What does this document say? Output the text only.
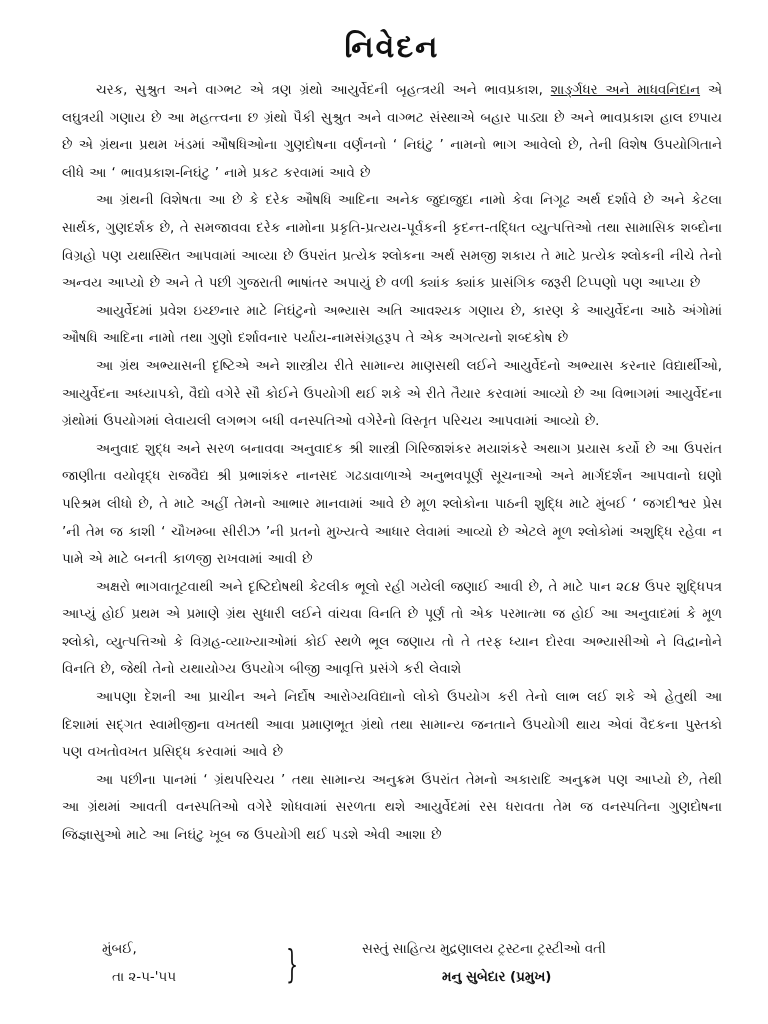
નિવેદન

ચરક, સુશ્રુત અને વાગ્ભટ એ ત્રણ ગ્રંથો આયુર્વેદની બૃહત્ત્રયી અને ભાવપ્રકાશ, શાર્ઙ્ગધર અને માધવનિદાન એ લઘુત્રયી ગણાય છે આ મહત્ત્વના છ ગ્રંથો પૈકી સુશ્રુત અને વાગ્ભટ સંસ્થાએ બહાર પાડ્યા છે અને ભાવપ્રકાશ હાલ છપાય છે એ ગ્રંથના પ્રથમ ખંડમાં ઔષધિઓના ગુણદોષના વર્ણનનો ‘ નિઘંટુ ’ નામનો ભાગ આવેલો છે, તેની વિશેષ ઉપયોગિતાને લીધે આ ‘ ભાવપ્રકાશ-નિઘંટુ ’ નામે પ્રકટ કરવામાં આવે છે

આ ગ્રંથની વિશેષતા આ છે કે દરેક ઔષધિ આદિના અનેક જુદાજુદા નામો કેવા નિગૂઢ અર્થ દર્શાવે છે અને કેટલા સાર્થક, ગુણદર્શક છે, તે સમજાવવા દરેક નામોના પ્રકૃતિ-પ્રત્યય-પૂર્વકની કૃદન્ત-તદ્ધિત વ્યુત્પત્તિઓ તથા સામાસિક શબ્દોના વિગ્રહો પણ યથાસ્થિત આપવામાં આવ્યા છે ઉપરાંત પ્રત્યેક શ્લોકના અર્થ સમજી શકાય તે માટે પ્રત્યેક શ્લોકની નીચે તેનો અન્વય આપ્યો છે અને તે પછી ગુજરાતી ભાષાંતર અપાયું છે વળી ક્યાંક ક્યાંક પ્રાસંગિક જરૂરી ટિપ્પણો પણ આપ્યા છે

આયુર્વેદમાં પ્રવેશ ઇચ્છનાર માટે નિઘંટુનો અભ્યાસ અતિ આવશ્યક ગણાય છે, કારણ કે આયુર્વેદના આઠે અંગોમાં ઔષધિ આદિના નામો તથા ગુણો દર્શાવનાર પર્યાય-નામસંગ્રહરૂપ તે એક અગત્યનો શબ્દકોષ છે

આ ગ્રંથ અભ્યાસની દૃષ્ટિએ અને શાસ્ત્રીય રીતે સામાન્ય માણસથી લઈને આયુર્વેદનો અભ્યાસ કરનાર વિદ્યાર્થીઓ, આયુર્વેદના અધ્યાપકો, વૈદ્યો વગેરે સૌ કોઈને ઉપયોગી થઈ શકે એ રીતે તૈયાર કરવામાં આવ્યો છે આ વિભાગમાં આયુર્વેદના ગ્રંથોમાં ઉપયોગમાં લેવાયલી લગભગ બધી વનસ્પતિઓ વગેરેનો વિસ્તૃત પરિચય આપવામાં આવ્યો છે.

અનુવાદ શુદ્ધ અને સરળ બનાવવા અનુવાદક શ્રી શાસ્ત્રી ગિરિજાશંકર મયાશંકરે અથાગ પ્રયાસ કર્યો છે આ ઉપરાંત જાણીતા વયોવૃદ્ધ રાજવૈદ્ય શ્રી પ્રભાશંકર નાનસદ ગઢડાવાળાએ અનુભવપૂર્ણ સૂચનાઓ અને માર્ગદર્શન આપવાનો ઘણો પરિશ્રમ લીધો છે, તે માટે અહીં તેમનો આભાર માનવામાં આવે છે મૂળ શ્લોકોના પાઠની શુદ્ધિ માટે મુંબઈ ‘ જગદીશ્વર પ્રેસ ’ની તેમ જ કાશી ‘ ચૌખમ્બા સીરીઝ ’ની પ્રતનો મુખ્યત્વે આધાર લેવામાં આવ્યો છે એટલે મૂળ શ્લોકોમાં અશુદ્ધિ રહેવા ન પામે એ માટે બનતી કાળજી રાખવામાં આવી છે

અક્ષરો ભાગવાતૂટવાથી અને દૃષ્ટિદોષથી કેટલીક ભૂલો રહી ગયેલી જણાઈ આવી છે, તે માટે પાન ૨૮૪ ઉપર શુદ્ધિપત્ર આપ્યું હોઈ પ્રથમ એ પ્રમાણે ગ્રંથ સુધારી લઈને વાંચવા વિનતિ છે પૂર્ણ તો એક પરમાત્મા જ હોઈ આ અનુવાદમાં કે મૂળ શ્લોકો, વ્યુત્પત્તિઓ કે વિગ્રહ-વ્યાખ્યાઓમાં કોઈ સ્થળે ભૂલ જણાય તો તે તરફ ધ્યાન દોરવા અભ્યાસીઓ ને વિદ્વાનોને વિનતિ છે, જેથી તેનો યથાયોગ્ય ઉપયોગ બીજી આવૃત્તિ પ્રસંગે કરી લેવાશે

આપણા દેશની આ પ્રાચીન અને નિર્દોષ આરોગ્યવિદ્યાનો લોકો ઉપયોગ કરી તેનો લાભ લઈ શકે એ હેતુથી આ દિશામાં સદ્ગત સ્વામીજીના વખતથી આવા પ્રમાણભૂત ગ્રંથો તથા સામાન્ય જનતાને ઉપયોગી થાય એવાં વૈદકના પુસ્તકો પણ વખતોવખત પ્રસિદ્ધ કરવામાં આવે છે

આ પછીના પાનમાં ‘ ગ્રંથપરિચય ’ તથા સામાન્ય અનુક્રમ ઉપરાંત તેમનો અકારાદિ અનુક્રમ પણ આપ્યો છે, તેથી આ ગ્રંથમાં આવતી વનસ્પતિઓ વગેરે શોધવામાં સરળતા થશે આયુર્વેદમાં રસ ધરાવતા તેમ જ વનસ્પતિના ગુણદોષના જિજ્ઞાસુઓ માટે આ નિઘંટુ ખૂબ જ ઉપયોગી થઈ પડશે એવી આશા છે

મુંબઈ,
તા ૨-૫-'૫૫	}	સસ્તું સાહિત્ય મુદ્રણાલય ટ્રસ્ટના ટ્રસ્ટીઓ વતી
મનુ સુબેદાર (પ્રમુખ)
